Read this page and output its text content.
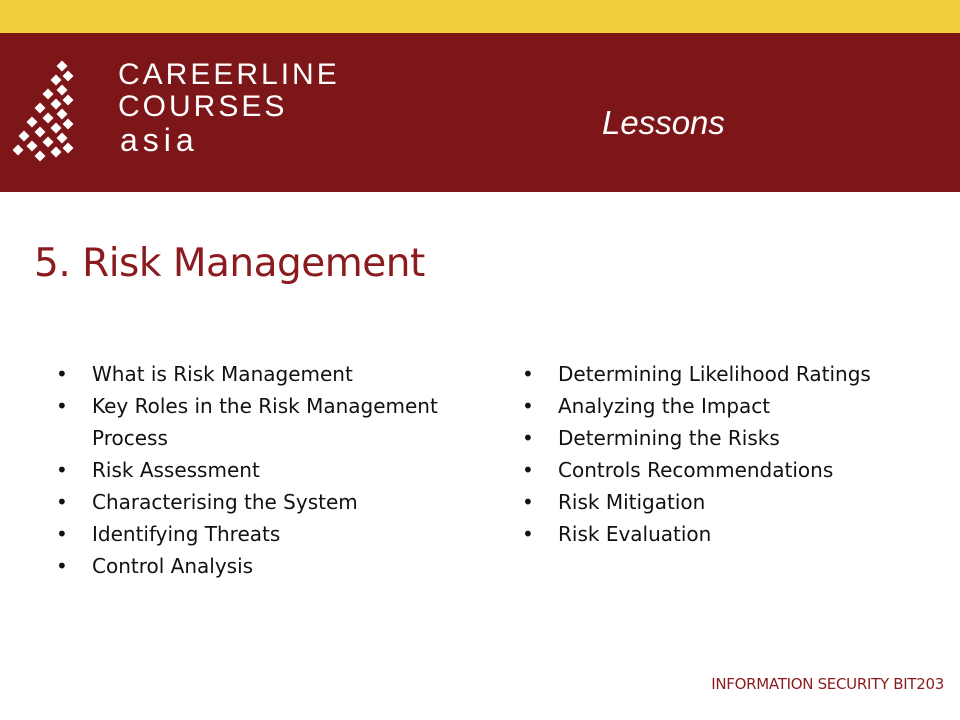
CAREERLINE
COURSES
asia	Lessons
5. Risk Management
• What is Risk Management
• Key Roles in the Risk Management Process
• Risk Assessment
• Characterising the System
• Identifying Threats
• Control Analysis
• Determining Likelihood Ratings
• Analyzing the Impact
• Determining the Risks
• Controls Recommendations
• Risk Mitigation
• Risk Evaluation
INFORMATION SECURITY BIT203
